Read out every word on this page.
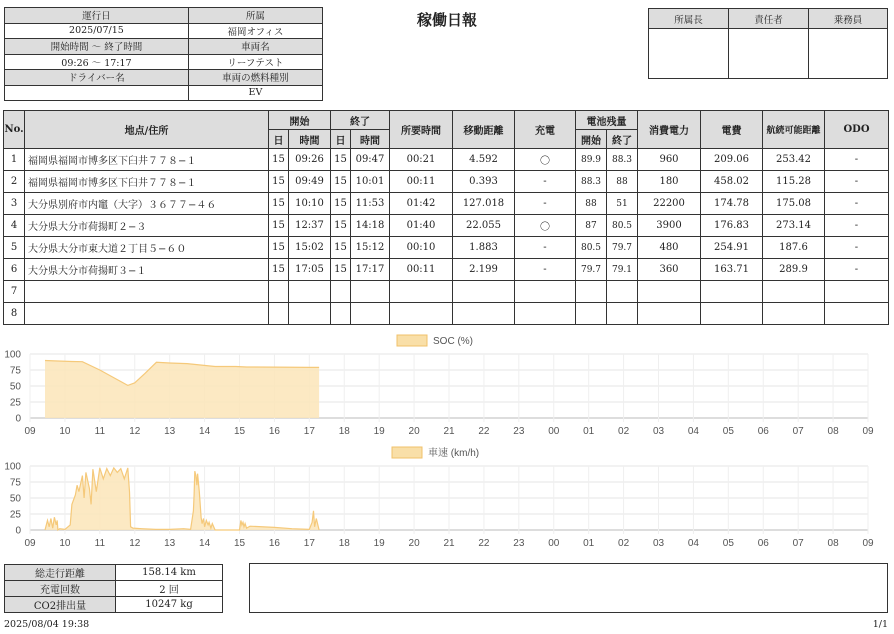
運行日	所属
2025/07/15	福岡オフィス
開始時間 ～ 終了時間	車両名
09:26 ～ 17:17	リーフテスト
ドライバー名	車両の燃料種別
	EV
稼働日報	所属長	責任者	乗務員

No.	地点/住所	開始		終了		所要時間	移動距離	充電	電池残量		消費電力	電費	航続可能距離	ODO
		日	時間	日	時間				開始	終了				
1	福岡県福岡市博多区下臼井７７８−１	15	09:26	15	09:47	00:21	4.592	〇	89.9	88.3	960	209.06	253.42	-
2	福岡県福岡市博多区下臼井７７８−１	15	09:49	15	10:01	00:11	0.393	-	88.3	88	180	458.02	115.28	-
3	大分県別府市内竈（大字）３６７７−４６	15	10:10	15	11:53	01:42	127.018	-	88	51	22200	174.78	175.08	-
4	大分県大分市荷揚町２−３	15	12:37	15	14:18	01:40	22.055	〇	87	80.5	3900	176.83	273.14	-
5	大分県大分市東大道２丁目５−６０	15	15:02	15	15:12	00:10	1.883	-	80.5	79.7	480	254.91	187.6	-
6	大分県大分市荷揚町３−１	15	17:05	15	17:17	00:11	2.199	-	79.7	79.1	360	163.71	289.9	-
7														
8														
SOC (%)
0
25
50
75
100
09 10 11 12 13 14 15 16 17 18 19 20 21 22 23 00 01 02 03 04 05 06 07 08 09
車速 (km/h)
0
25
50
75
100
09 10 11 12 13 14 15 16 17 18 19 20 21 22 23 00 01 02 03 04 05 06 07 08 09
総走行距離	158.14 km
充電回数	2 回
CO2排出量	10247 kg
2025/08/04 19:38	1/1
